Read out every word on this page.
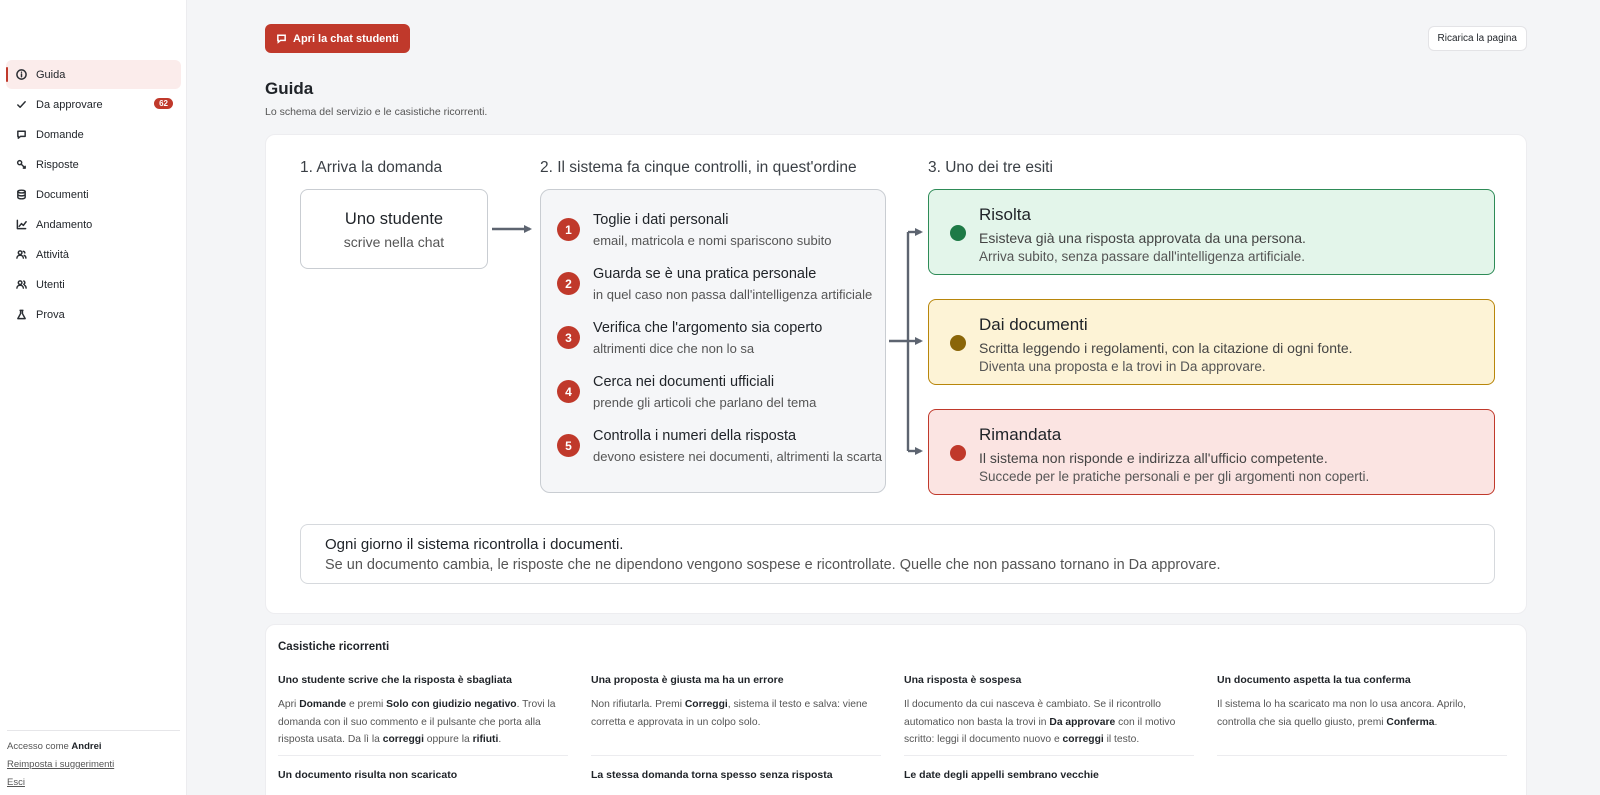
Guida
Da approvare	62
Domande
Risposte
Documenti
Andamento
Attività
Utenti
Prova
Accesso come Andrei
Reimposta i suggerimenti
Esci
Apri la chat studenti	Ricarica la pagina
Guida
Lo schema del servizio e le casistiche ricorrenti.
1. Arriva la domanda	2. Il sistema fa cinque controlli, in quest'ordine	3. Uno dei tre esiti
Uno studente
scrive nella chat
1
Toglie i dati personali
email, matricola e nomi spariscono subito
2
Guarda se è una pratica personale
in quel caso non passa dall'intelligenza artificiale
3
Verifica che l'argomento sia coperto
altrimenti dice che non lo sa
4
Cerca nei documenti ufficiali
prende gli articoli che parlano del tema
5
Controlla i numeri della risposta
devono esistere nei documenti, altrimenti la scarta
Risolta
Esisteva già una risposta approvata da una persona.
Arriva subito, senza passare dall'intelligenza artificiale.
Dai documenti
Scritta leggendo i regolamenti, con la citazione di ogni fonte.
Diventa una proposta e la trovi in Da approvare.
Rimandata
Il sistema non risponde e indirizza all'ufficio competente.
Succede per le pratiche personali e per gli argomenti non coperti.
Ogni giorno il sistema ricontrolla i documenti.
Se un documento cambia, le risposte che ne dipendono vengono sospese e ricontrollate. Quelle che non passano tornano in Da approvare.
Casistiche ricorrenti
Uno studente scrive che la risposta è sbagliata
Apri Domande e premi Solo con giudizio negativo. Trovi la domanda con il suo commento e il pulsante che porta alla risposta usata. Da lì la correggi oppure la rifiuti.
Una proposta è giusta ma ha un errore
Non rifiutarla. Premi Correggi, sistema il testo e salva: viene corretta e approvata in un colpo solo.
Una risposta è sospesa
Il documento da cui nasceva è cambiato. Se il ricontrollo automatico non basta la trovi in Da approvare con il motivo scritto: leggi il documento nuovo e correggi il testo.
Un documento aspetta la tua conferma
Il sistema lo ha scaricato ma non lo usa ancora. Aprilo, controlla che sia quello giusto, premi Conferma.
Un documento risulta non scaricato	La stessa domanda torna spesso senza risposta	Le date degli appelli sembrano vecchie
